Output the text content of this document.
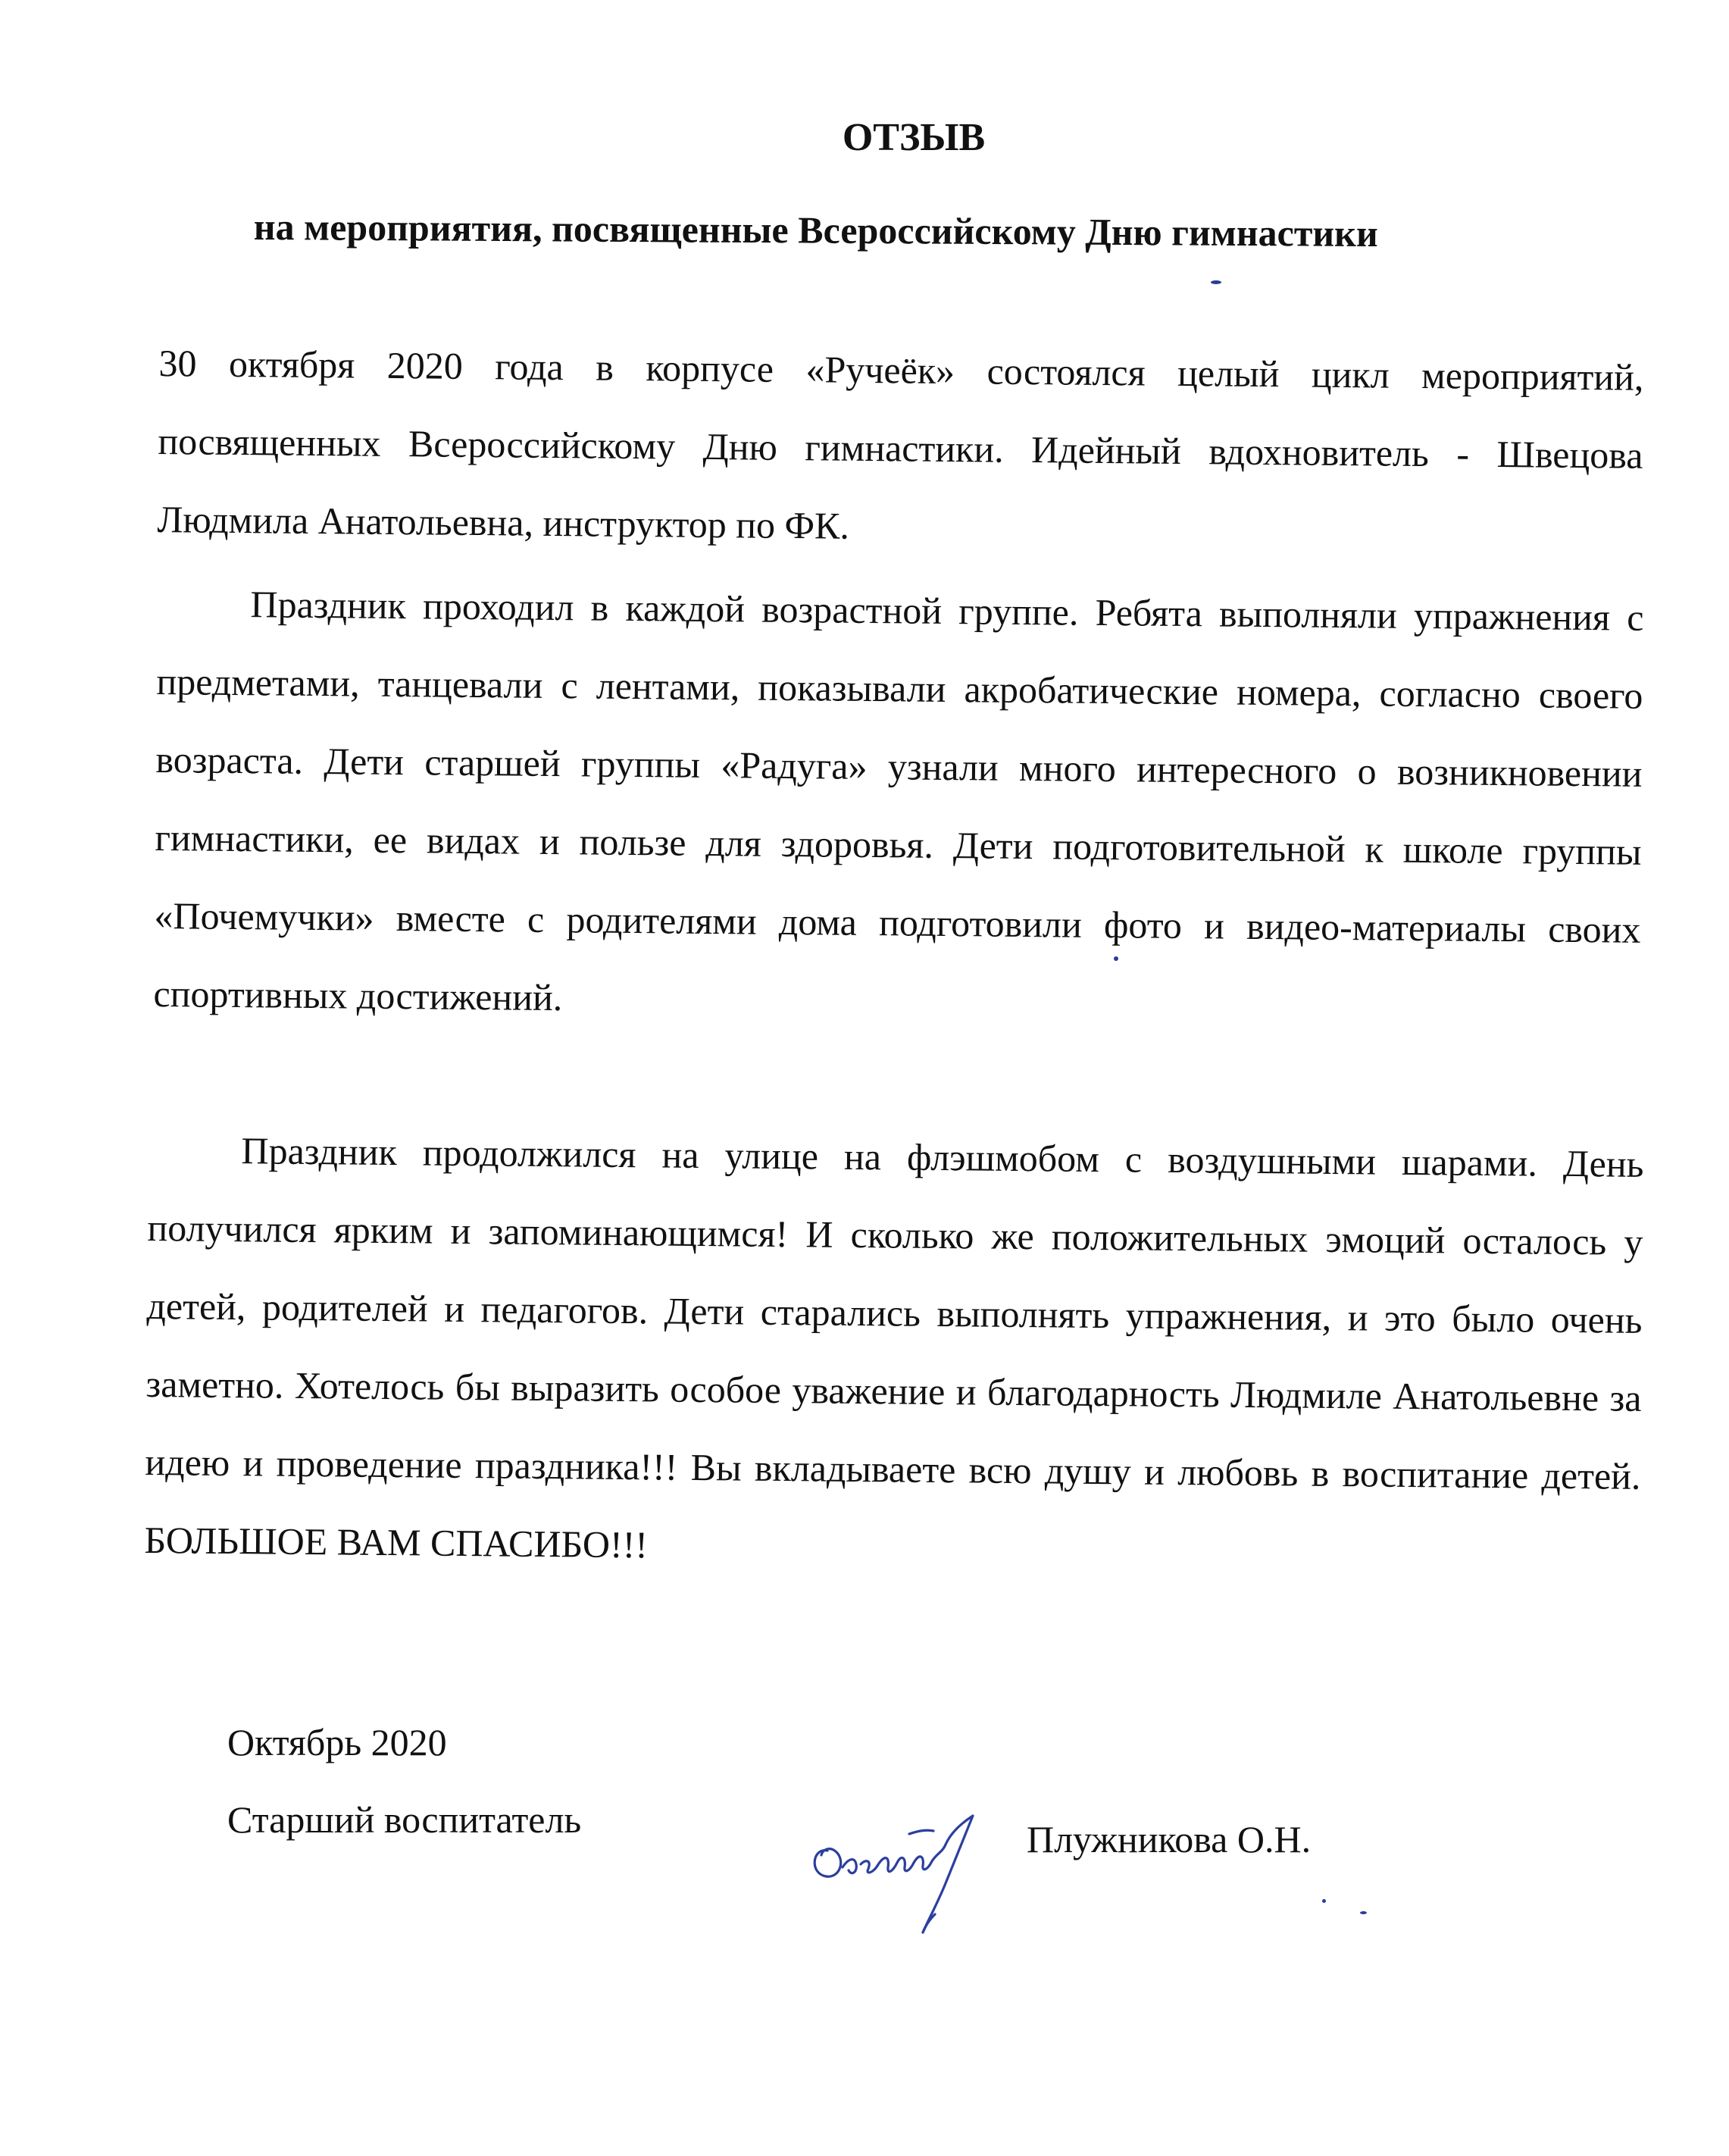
ОТЗЫВ
на мероприятия, посвященные Всероссийскому Дню гимнастики

30 октября 2020 года в корпусе «Ручеёк» состоялся целый цикл мероприятий, посвященных Всероссийскому Дню гимнастики. Идейный вдохновитель - Швецова Людмила Анатольевна, инструктор по ФК.

Праздник проходил в каждой возрастной группе. Ребята выполняли упражнения с предметами, танцевали с лентами, показывали акробатические номера, согласно своего возраста. Дети старшей группы «Радуга» узнали много интересного о возникновении гимнастики, ее видах и пользе для здоровья. Дети подготовительной к школе группы «Почемучки» вместе с родителями дома подготовили фото и видео-материалы своих спортивных достижений.

Праздник продолжился на улице на флэшмобом с воздушными шарами. День получился ярким и запоминающимся! И сколько же положительных эмоций осталось у детей, родителей и педагогов. Дети старались выполнять упражнения, и это было очень заметно. Хотелось бы выразить особое уважение и благодарность Людмиле Анатольевне за идею и проведение праздника!!! Вы вкладываете всю душу и любовь в воспитание детей. БОЛЬШОЕ ВАМ СПАСИБО!!!

Октябрь 2020

Старший воспитатель	Плужникова О.Н.
